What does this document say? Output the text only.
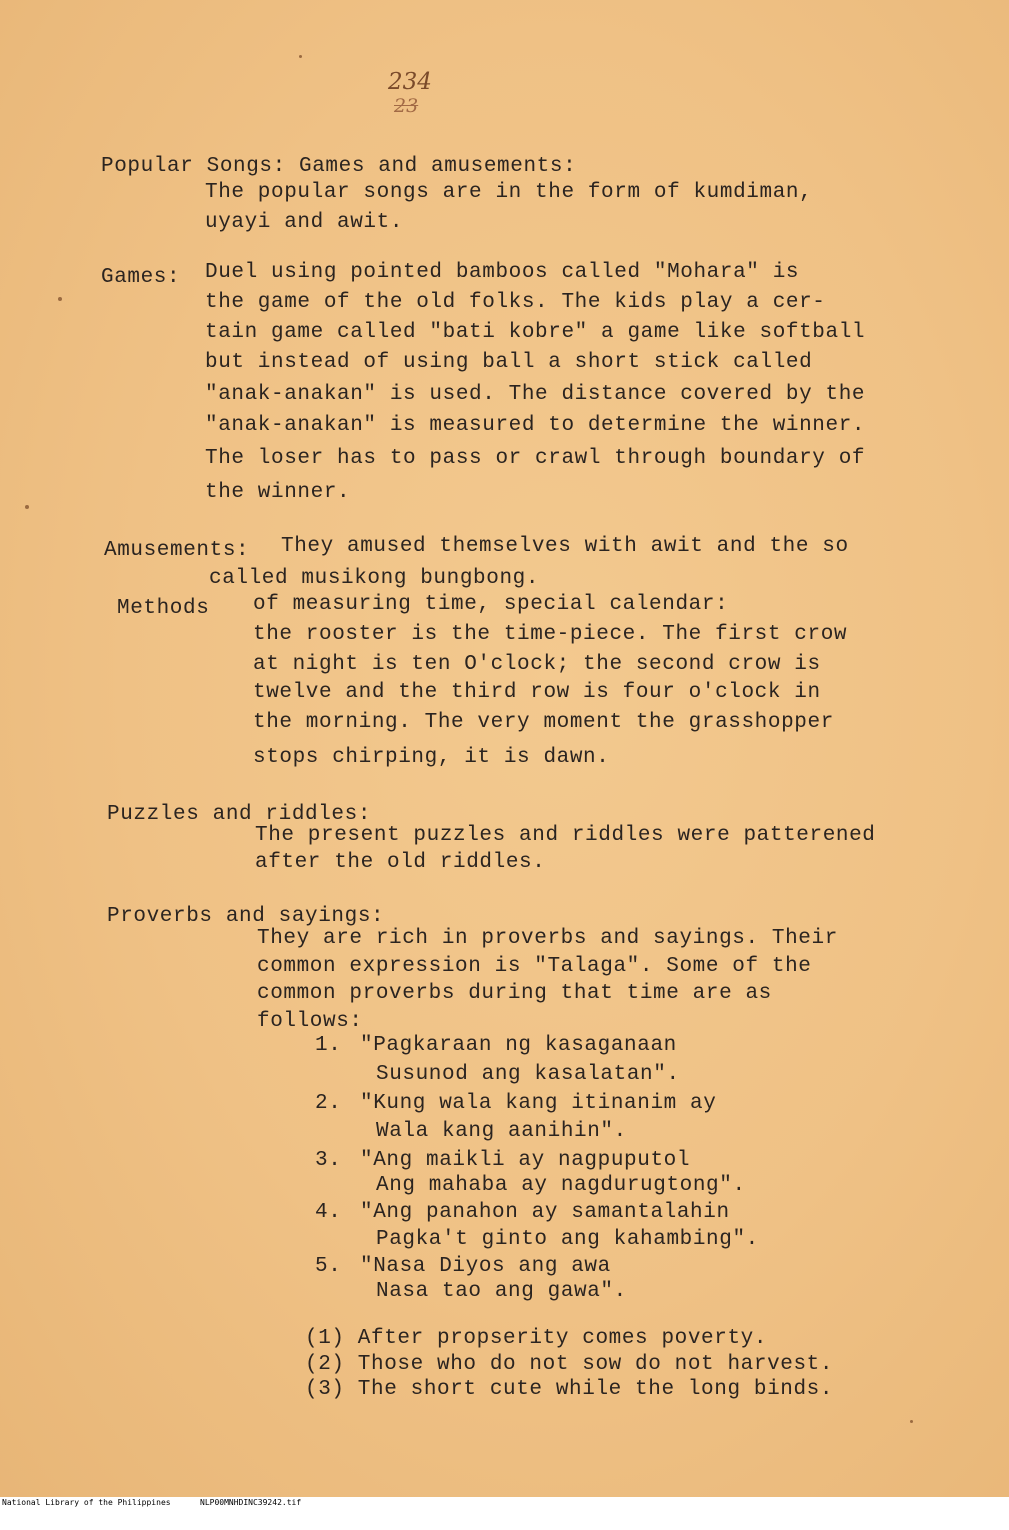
234
23
Popular Songs: Games and amusements:
The popular songs are in the form of kumdiman,
uyayi and awit.
Games: Duel using pointed bamboos called "Mohara" is
the game of the old folks. The kids play a cer-
tain game called "bati kobre" a game like softball
but instead of using ball a short stick called
"anak-anakan" is used. The distance covered by the
"anak-anakan" is measured to determine the winner.
The loser has to pass or crawl through boundary of
the winner.
Amusements: They amused themselves with awit and the so
called musikong bungbong.
Methods of measuring time, special calendar:
the rooster is the time-piece. The first crow
at night is ten O'clock; the second crow is
twelve and the third row is four o'clock in
the morning. The very moment the grasshopper
stops chirping, it is dawn.
Puzzles and riddles:
The present puzzles and riddles were patterened
after the old riddles.
Proverbs and sayings:
They are rich in proverbs and sayings. Their
common expression is "Talaga". Some of the
common proverbs during that time are as
follows:
1. "Pagkaraan ng kasaganaan
Susunod ang kasalatan".
2. "Kung wala kang itinanim ay
Wala kang aanihin".
3. "Ang maikli ay nagpuputol
Ang mahaba ay nagdurugtong".
4. "Ang panahon ay samantalahin
Pagka't ginto ang kahambing".
5. "Nasa Diyos ang awa
Nasa tao ang gawa".
(1) After propserity comes poverty.
(2) Those who do not sow do not harvest.
(3) The short cute while the long binds.

National Library of the Philippines

	NLP00MNHDINC39242.tif
